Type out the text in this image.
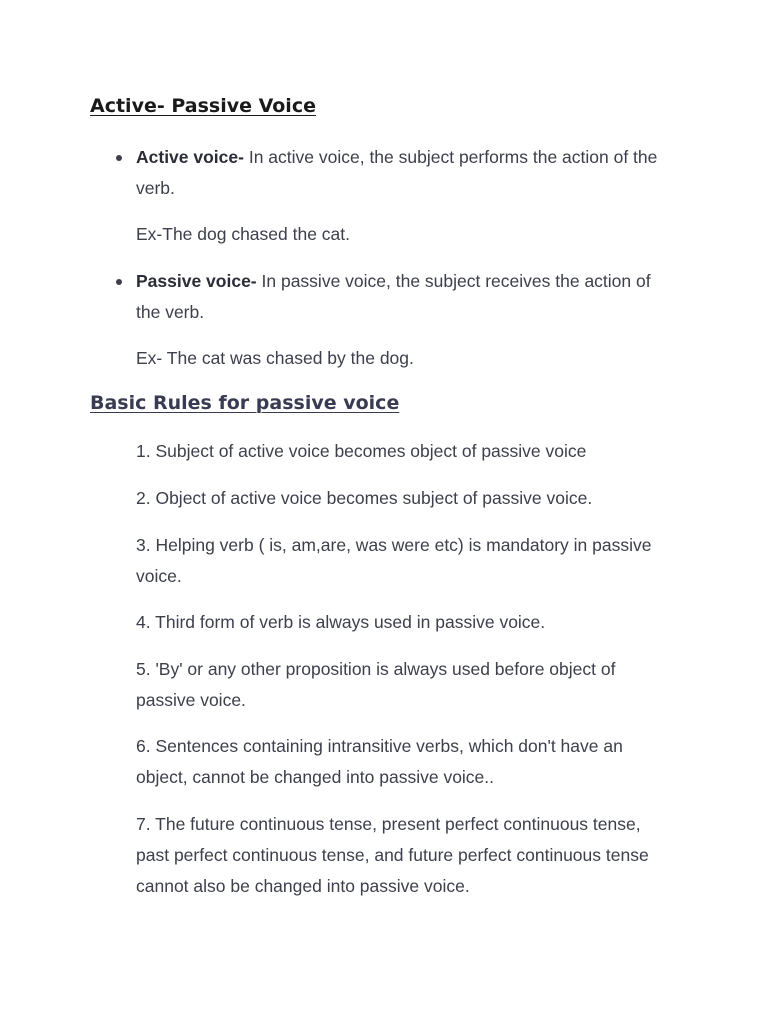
Active- Passive Voice

Active voice- In active voice, the subject performs the action of the verb.

Ex-The dog chased the cat.

Passive voice- In passive voice, the subject receives the action of the verb.

Ex- The cat was chased by the dog.

Basic Rules for passive voice

1. Subject of active voice becomes object of passive voice

2. Object of active voice becomes subject of passive voice.

3. Helping verb ( is, am,are, was were etc) is mandatory in passive voice.

4. Third form of verb is always used in passive voice.

5. 'By' or any other proposition is always used before object of passive voice.

6. Sentences containing intransitive verbs, which don't have an object, cannot be changed into passive voice..

7. The future continuous tense, present perfect continuous tense, past perfect continuous tense, and future perfect continuous tense cannot also be changed into passive voice.
